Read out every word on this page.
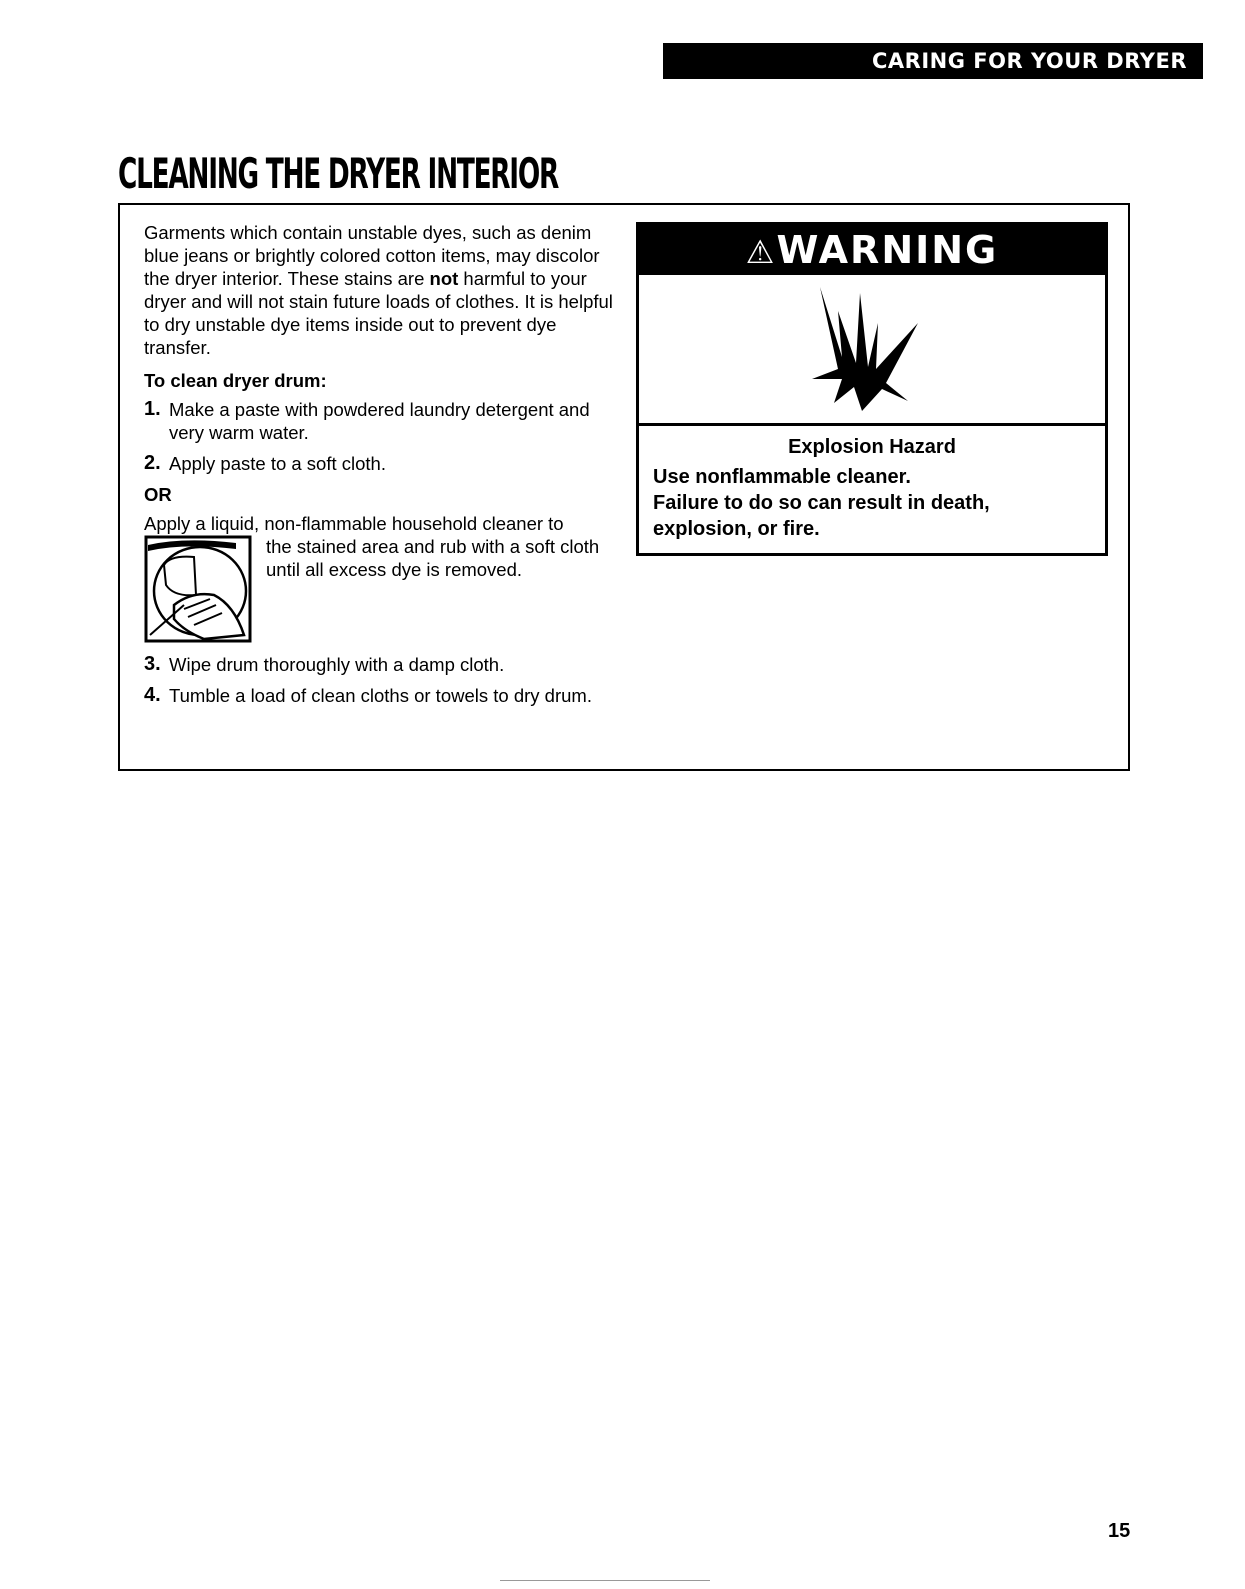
CARING FOR YOUR DRYER
CLEANING THE DRYER INTERIOR

Garments which contain unstable dyes, such as denim blue jeans or brightly colored cotton items, may discolor the dryer interior. These stains are not harmful to your dryer and will not stain future loads of clothes. It is helpful to dry unstable dye items inside out to prevent dye transfer.

To clean dryer drum:

1. Make a paste with powdered laundry detergent and very warm water.

2. Apply paste to a soft cloth.

OR

Apply a liquid, non-flammable household cleaner to

the stained area and rub with a soft cloth until all excess dye is removed.

3. Wipe drum thoroughly with a damp cloth.

4. Tumble a load of clean cloths or towels to dry drum.

⚠WARNING

Explosion Hazard

Use nonflammable cleaner.

Failure to do so can result in death, explosion, or fire.

15
